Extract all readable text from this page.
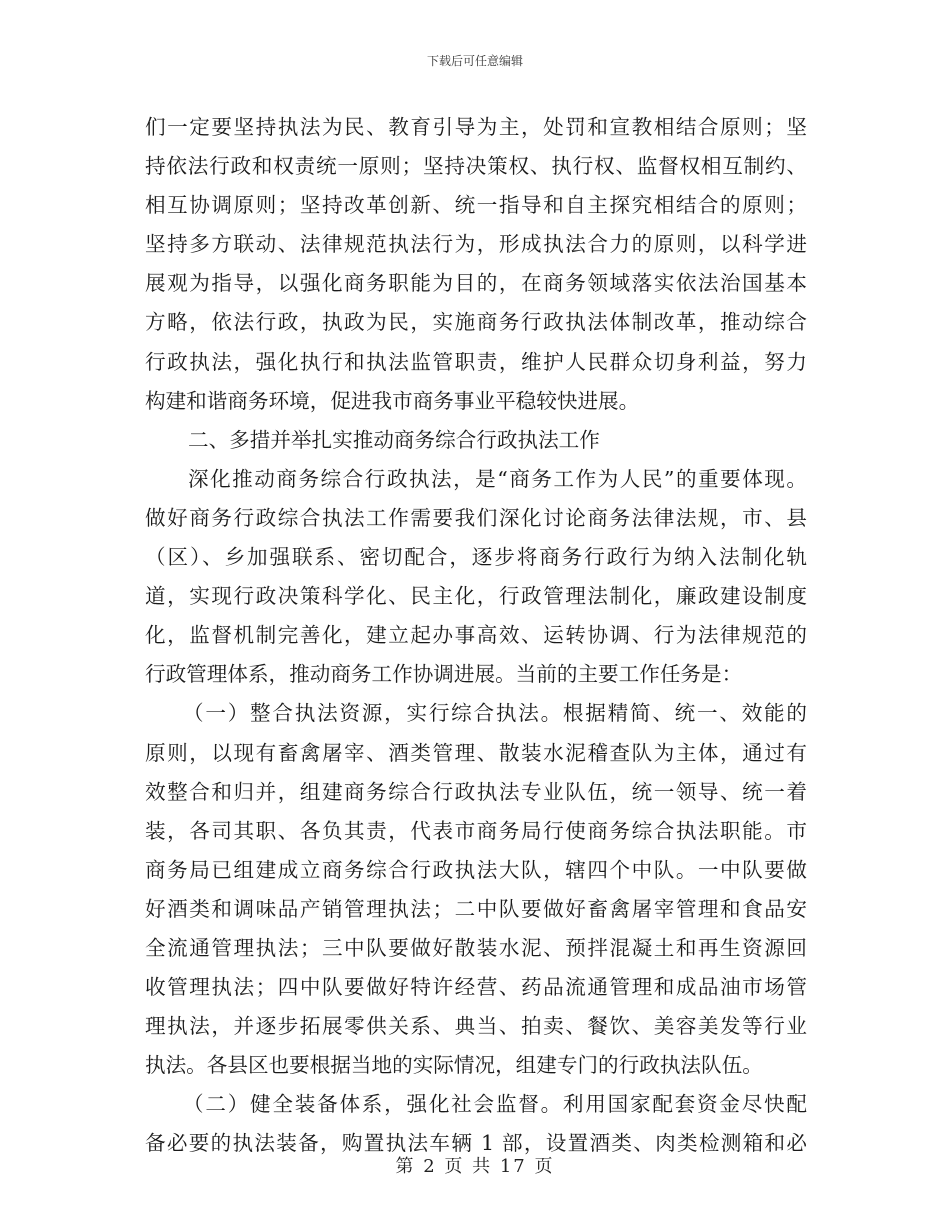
下载后可任意编辑
们一定要坚持执法为民、教育引导为主，处罚和宣教相结合原则；坚
持依法行政和权责统一原则；坚持决策权、执行权、监督权相互制约、
相互协调原则；坚持改革创新、统一指导和自主探究相结合的原则；
坚持多方联动、法律规范执法行为，形成执法合力的原则，以科学进
展观为指导，以强化商务职能为目的，在商务领域落实依法治国基本
方略，依法行政，执政为民，实施商务行政执法体制改革，推动综合
行政执法，强化执行和执法监管职责，维护人民群众切身利益，努力
构建和谐商务环境，促进我市商务事业平稳较快进展。
二、多措并举扎实推动商务综合行政执法工作
深化推动商务综合行政执法，是“商务工作为人民”的重要体现。
做好商务行政综合执法工作需要我们深化讨论商务法律法规，市、县
（区）、乡加强联系、密切配合，逐步将商务行政行为纳入法制化轨
道，实现行政决策科学化、民主化，行政管理法制化，廉政建设制度
化，监督机制完善化，建立起办事高效、运转协调、行为法律规范的
行政管理体系，推动商务工作协调进展。当前的主要工作任务是：
（一）整合执法资源，实行综合执法。根据精简、统一、效能的
原则，以现有畜禽屠宰、酒类管理、散装水泥稽查队为主体，通过有
效整合和归并，组建商务综合行政执法专业队伍，统一领导、统一着
装，各司其职、各负其责，代表市商务局行使商务综合执法职能。市
商务局已组建成立商务综合行政执法大队，辖四个中队。一中队要做
好酒类和调味品产销管理执法；二中队要做好畜禽屠宰管理和食品安
全流通管理执法；三中队要做好散装水泥、预拌混凝土和再生资源回
收管理执法；四中队要做好特许经营、药品流通管理和成品油市场管
理执法，并逐步拓展零供关系、典当、拍卖、餐饮、美容美发等行业
执法。各县区也要根据当地的实际情况，组建专门的行政执法队伍。
（二）健全装备体系，强化社会监督。利用国家配套资金尽快配
备必要的执法装备，购置执法车辆 1 部，设置酒类、肉类检测箱和必
第 2 页 共 17 页
